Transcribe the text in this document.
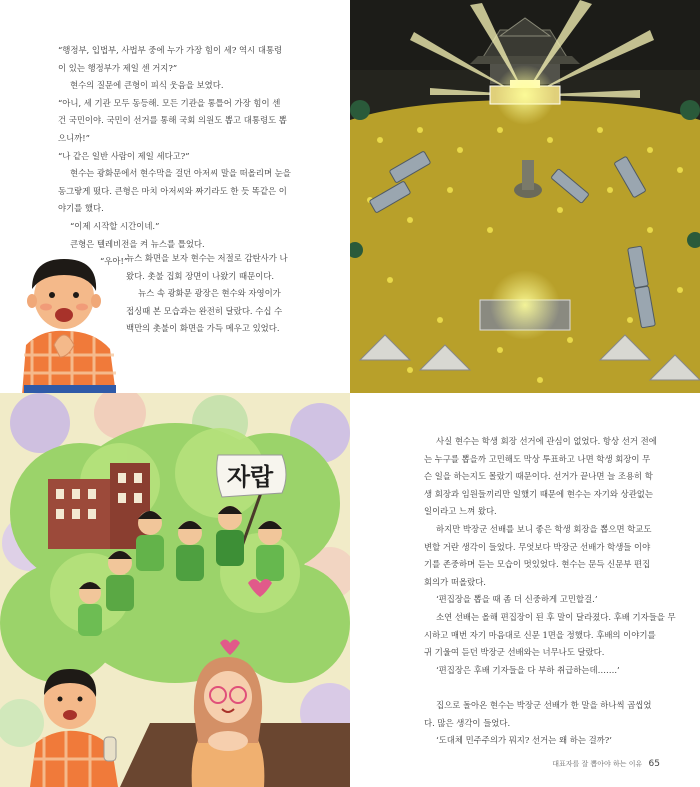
“행정부, 입법부, 사법부 중에 누가 가장 힘이 세? 역시 대통령

이 있는 행정부가 제일 센 거지?”

현수의 질문에 큰형이 피식 웃음을 보였다.

“아니, 세 기관 모두 동등해. 모든 기관을 통틀어 가장 힘이 센

건 국민이야. 국민이 선거를 통해 국회 의원도 뽑고 대통령도 뽑

으니까!”

“나 같은 일반 사람이 제일 세다고?”

현수는 광화문에서 현수막을 걸던 아저씨 말을 떠올리며 눈을

동그랗게 떴다. 큰형은 마치 아저씨와 짜기라도 한 듯 똑같은 이

야기를 했다.

“이제 시작할 시간이네.”

큰형은 텔레비전을 켜 뉴스를 틀었다.

“우아!”

뉴스 화면을 보자 현수는 저절로 감탄사가 나

왔다. 촛불 집회 장면이 나왔기 때문이다.

뉴스 속 광화문 광장은 현수와 자영이가

접싱때 본 모습과는 완전히 달랐다. 수십 수

백만의 촛불이 화면을 가득 메우고 있었다.

자랍

사실 현수는 학생 회장 선거에 관심이 없었다. 항상 선거 전에

는 누구를 뽑을까 고민해도 막상 투표하고 나면 학생 회장이 무

슨 일을 하는지도 몰랐기 때문이다. 선거가 끝나면 늘 조용히 학

생 회장과 임원들끼리만 일했기 때문에 현수는 자기와 상관없는

일이라고 느껴 왔다.

하지만 박장군 선배를 보니 좋은 학생 회장을 뽑으면 학교도

변할 거란 생각이 들었다. 무엇보다 박장군 선배가 학생들 이야

기를 존중하며 듣는 모습이 멋있었다. 현수는 문득 신문부 편집

회의가 떠올랐다.

‘편집장을 뽑을 때 좀 더 신중하게 고민할걸.’

소연 선배는 올해 편집장이 된 후 말이 달라졌다. 후배 기자들을 무

시하고 매번 자기 마음대로 신문 1면을 정했다. 후배의 이야기를

귀 기울여 듣던 박장군 선배와는 너무나도 달랐다.

‘편집장은 후배 기자들을 다 부하 취급하는데…….’

집으로 돌아온 현수는 박장군 선배가 한 말을 하나씩 곱씹었

다. 많은 생각이 들었다.

‘도대체 민주주의가 뭐지? 선거는 왜 하는 걸까?’

대표자를 잘 뽑아야 하는 이유 65
